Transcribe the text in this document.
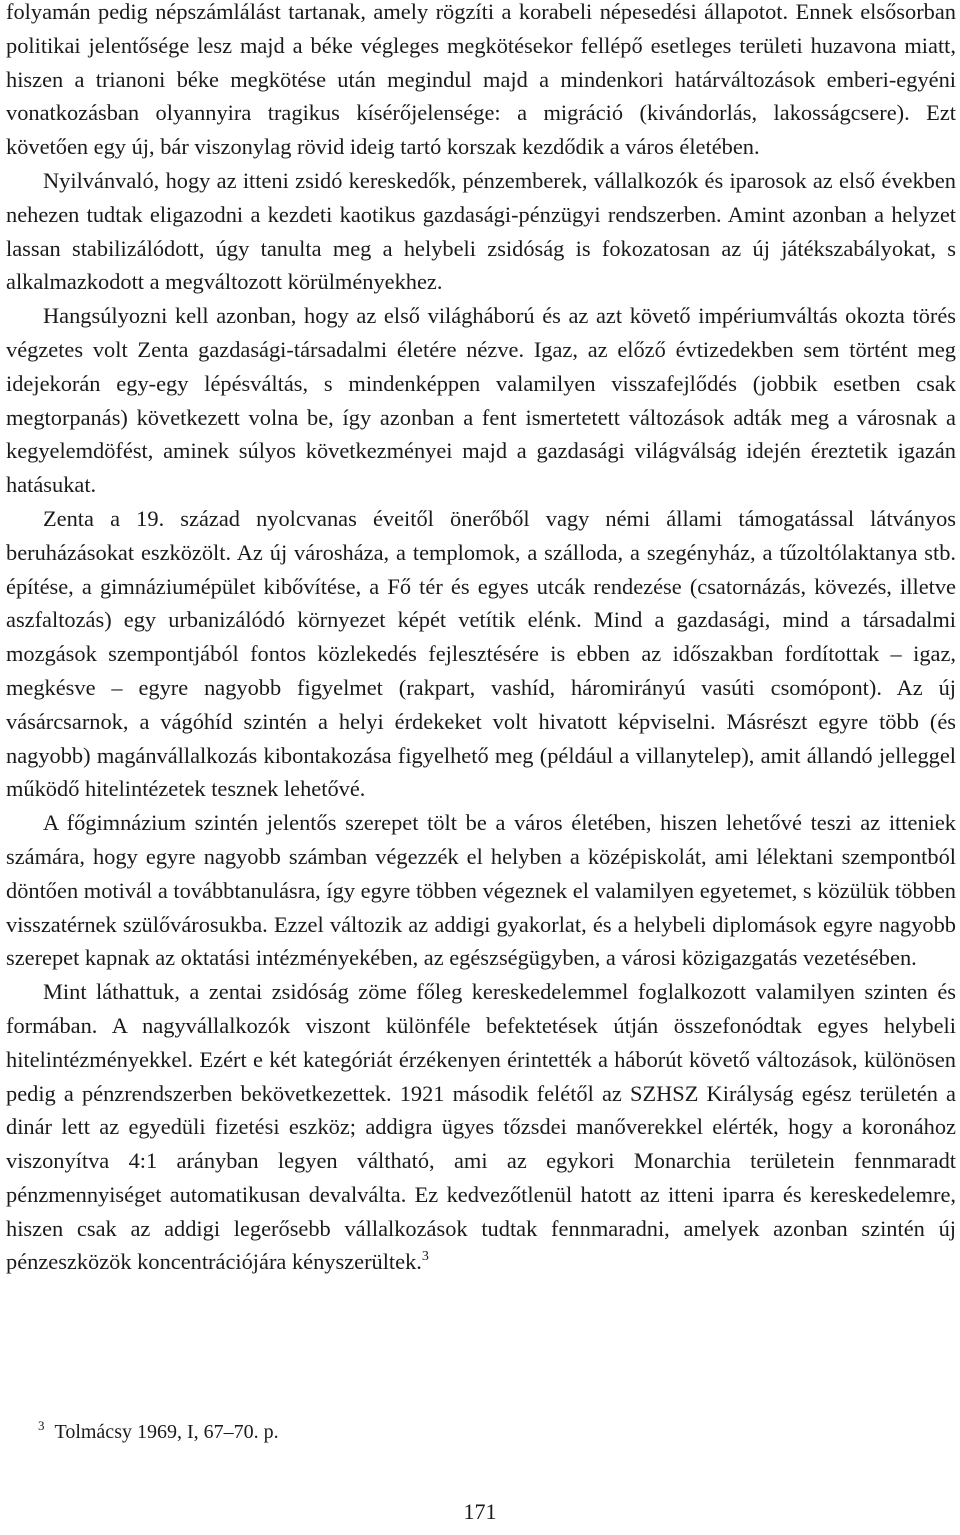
folyamán pedig népszámlálást tartanak, amely rögzíti a korabeli népesedési állapotot. Ennek elsősorban politikai jelentősége lesz majd a béke végleges megkötésekor fellépő esetleges területi huzavona miatt, hiszen a trianoni béke megkötése után megindul majd a mindenkori határváltozások emberi-egyéni vonatkozásban olyannyira tragikus kísérőjelensége: a migráció (kivándorlás, lakosságcsere). Ezt követően egy új, bár viszonylag rövid ideig tartó korszak kezdődik a város életében.

Nyilvánvaló, hogy az itteni zsidó kereskedők, pénzemberek, vállalkozók és iparosok az első években nehezen tudtak eligazodni a kezdeti kaotikus gazdasági-pénzügyi rendszerben. Amint azonban a helyzet lassan stabilizálódott, úgy tanulta meg a helybeli zsidóság is fokozatosan az új játékszabályokat, s alkalmazkodott a megváltozott körülményekhez.

Hangsúlyozni kell azonban, hogy az első világháború és az azt követő impériumváltás okozta törés végzetes volt Zenta gazdasági-társadalmi életére nézve. Igaz, az előző évtizedekben sem történt meg idejekorán egy-egy lépésváltás, s mindenképpen valamilyen visszafejlődés (jobbik esetben csak megtorpanás) következett volna be, így azonban a fent ismertetett változások adták meg a városnak a kegyelemdöfést, aminek súlyos következményei majd a gazdasági világválság idején éreztetik igazán hatásukat.

Zenta a 19. század nyolcvanas éveitől önerőből vagy némi állami támogatással látványos beruházásokat eszközölt. Az új városháza, a templomok, a szálloda, a szegényház, a tűzoltólaktanya stb. építése, a gimnáziumépület kibővítése, a Fő tér és egyes utcák rendezése (csatornázás, kövezés, illetve aszfaltozás) egy urbanizálódó környezet képét vetítik elénk. Mind a gazdasági, mind a társadalmi mozgások szempontjából fontos közlekedés fejlesztésére is ebben az időszakban fordítottak – igaz, megkésve – egyre nagyobb figyelmet (rakpart, vashíd, háromirányú vasúti csomópont). Az új vásárcsarnok, a vágóhíd szintén a helyi érdekeket volt hivatott képviselni. Másrészt egyre több (és nagyobb) magánvállalkozás kibontakozása figyelhető meg (például a villanytelep), amit állandó jelleggel működő hitelintézetek tesznek lehetővé.

A főgimnázium szintén jelentős szerepet tölt be a város életében, hiszen lehetővé teszi az itteniek számára, hogy egyre nagyobb számban végezzék el helyben a középiskolát, ami lélektani szempontból döntően motivál a továbbtanulásra, így egyre többen végeznek el valamilyen egyetemet, s közülük többen visszatérnek szülővárosukba. Ezzel változik az addigi gyakorlat, és a helybeli diplomások egyre nagyobb szerepet kapnak az oktatási intézményekében, az egészségügyben, a városi közigazgatás vezetésében.

Mint láthattuk, a zentai zsidóság zöme főleg kereskedelemmel foglalkozott valamilyen szinten és formában. A nagyvállalkozók viszont különféle befektetések útján összefonódtak egyes helybeli hitelintézményekkel. Ezért e két kategóriát érzékenyen érintették a háborút követő változások, különösen pedig a pénzrendszerben bekövetkezettek. 1921 második felétől az SZHSZ Királyság egész területén a dinár lett az egyedüli fizetési eszköz; addigra ügyes tőzsdei manőverekkel elérték, hogy a koronához viszonyítva 4:1 arányban legyen váltható, ami az egykori Monarchia területein fennmaradt pénzmennyiséget automatikusan devalválta. Ez kedvezőtlenül hatott az itteni iparra és kereskedelemre, hiszen csak az addigi legerősebb vállalkozások tudtak fennmaradni, amelyek azonban szintén új pénzeszközök koncentrációjára kényszerültek.$^3$

$^3$ Tolmácsy 1969, I, 67–70. p.
171
